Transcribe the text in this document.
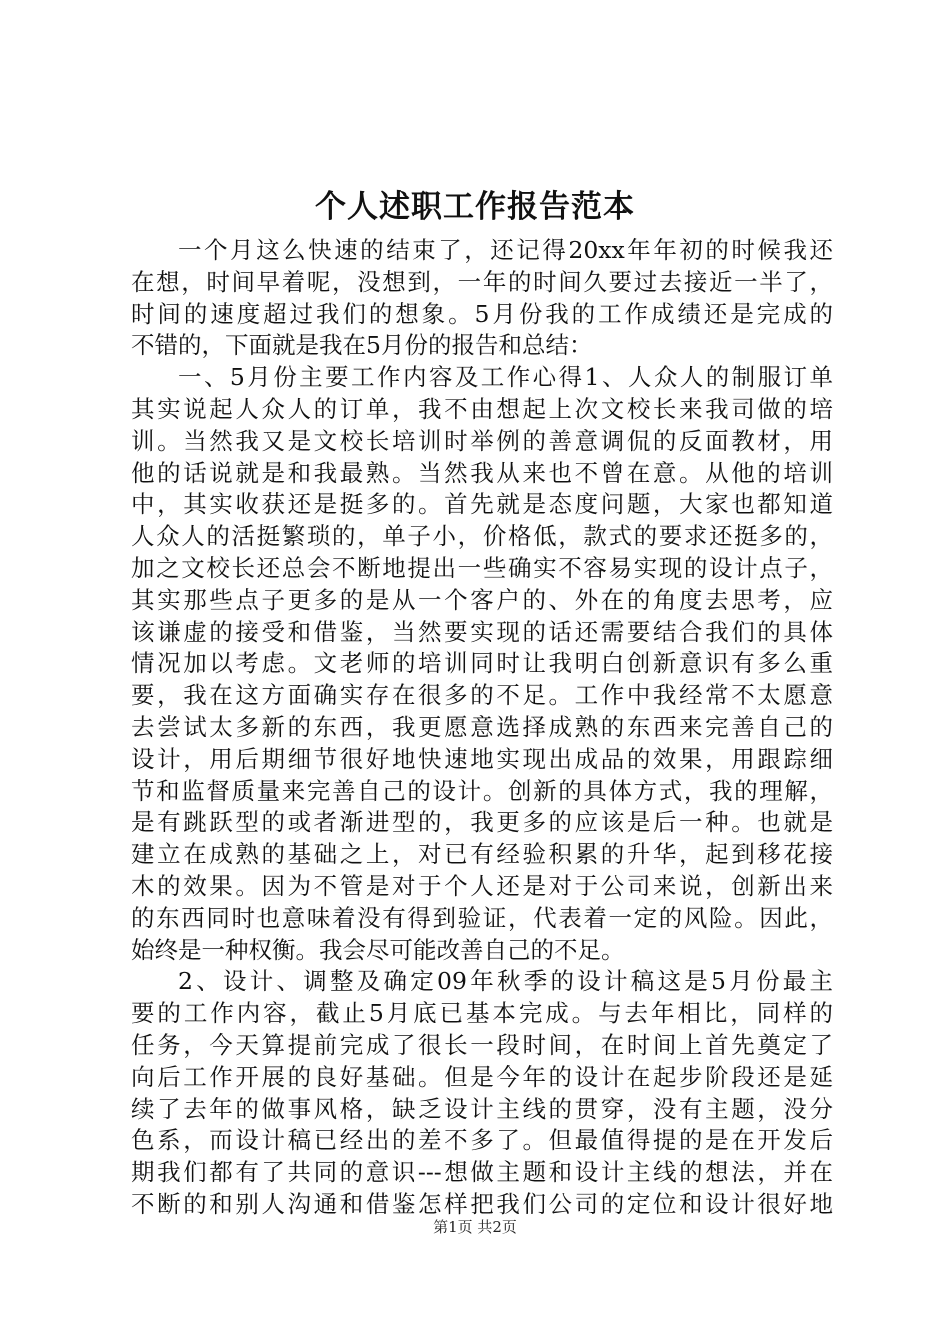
个人述职工作报告范本
一个月这么快速的结束了，还记得20xx年年初的时候我还
在想，时间早着呢，没想到，一年的时间久要过去接近一半了，
时间的速度超过我们的想象。5月份我的工作成绩还是完成的
不错的，下面就是我在5月份的报告和总结：
一、5月份主要工作内容及工作心得1、人众人的制服订单
其实说起人众人的订单，我不由想起上次文校长来我司做的培
训。当然我又是文校长培训时举例的善意调侃的反面教材，用
他的话说就是和我最熟。当然我从来也不曾在意。从他的培训
中，其实收获还是挺多的。首先就是态度问题，大家也都知道
人众人的活挺繁琐的，单子小，价格低，款式的要求还挺多的，
加之文校长还总会不断地提出一些确实不容易实现的设计点子，
其实那些点子更多的是从一个客户的、外在的角度去思考，应
该谦虚的接受和借鉴，当然要实现的话还需要结合我们的具体
情况加以考虑。文老师的培训同时让我明白创新意识有多么重
要，我在这方面确实存在很多的不足。工作中我经常不太愿意
去尝试太多新的东西，我更愿意选择成熟的东西来完善自己的
设计，用后期细节很好地快速地实现出成品的效果，用跟踪细
节和监督质量来完善自己的设计。创新的具体方式，我的理解，
是有跳跃型的或者渐进型的，我更多的应该是后一种。也就是
建立在成熟的基础之上，对已有经验积累的升华，起到移花接
木的效果。因为不管是对于个人还是对于公司来说，创新出来
的东西同时也意味着没有得到验证，代表着一定的风险。因此，
始终是一种权衡。我会尽可能改善自己的不足。
2、设计、调整及确定09年秋季的设计稿这是5月份最主
要的工作内容，截止5月底已基本完成。与去年相比，同样的
任务，今天算提前完成了很长一段时间，在时间上首先奠定了
向后工作开展的良好基础。但是今年的设计在起步阶段还是延
续了去年的做事风格，缺乏设计主线的贯穿，没有主题，没分
色系，而设计稿已经出的差不多了。但最值得提的是在开发后
期我们都有了共同的意识---想做主题和设计主线的想法，并在
不断的和别人沟通和借鉴怎样把我们公司的定位和设计很好地
第1页 共2页
